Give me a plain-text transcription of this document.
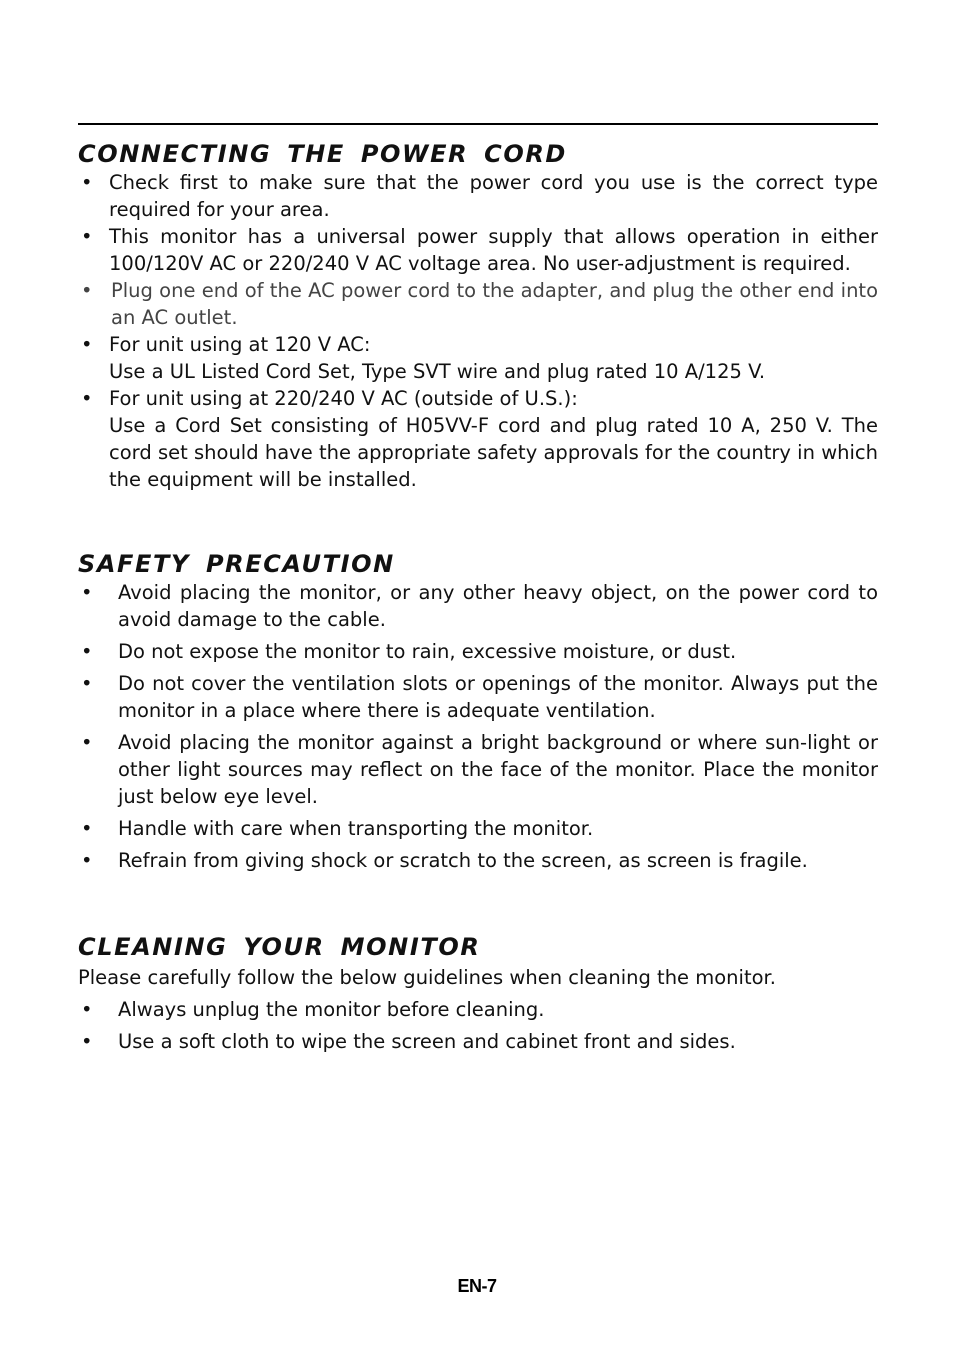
CONNECTING THE POWER CORD
• Check first to make sure that the power cord you use is the correct type required for your area.
• This monitor has a universal power supply that allows operation in either 100/120V AC or 220/240 V AC voltage area. No user-adjustment is required.
• Plug one end of the AC power cord to the adapter, and plug the other end into an AC outlet.
• For unit using at 120 V AC:
Use a UL Listed Cord Set, Type SVT wire and plug rated 10 A/125 V.
• For unit using at 220/240 V AC (outside of U.S.):
Use a Cord Set consisting of H05VV-F cord and plug rated 10 A, 250 V. The cord set should have the appropriate safety approvals for the country in which the equipment will be installed.
SAFETY PRECAUTION
• Avoid placing the monitor, or any other heavy object, on the power cord to avoid damage to the cable.
• Do not expose the monitor to rain, excessive moisture, or dust.
• Do not cover the ventilation slots or openings of the monitor. Always put the monitor in a place where there is adequate ventilation.
• Avoid placing the monitor against a bright background or where sun-light or other light sources may reflect on the face of the monitor. Place the monitor just below eye level.
• Handle with care when transporting the monitor.
• Refrain from giving shock or scratch to the screen, as screen is fragile.
CLEANING YOUR MONITOR

Please carefully follow the below guidelines when cleaning the monitor.

• Always unplug the monitor before cleaning.
• Use a soft cloth to wipe the screen and cabinet front and sides.
EN-7
